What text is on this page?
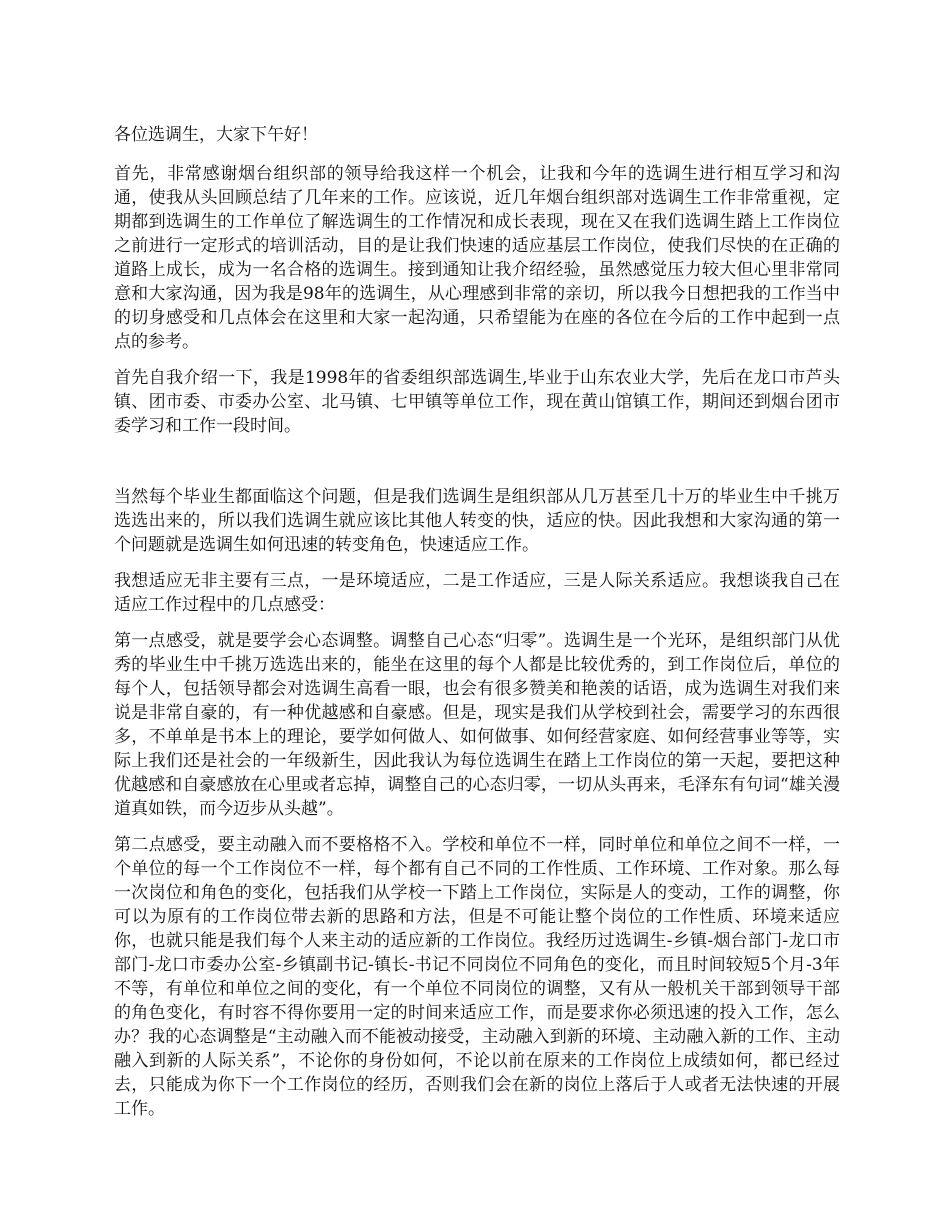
各位选调生，大家下午好！

首先，非常感谢烟台组织部的领导给我这样一个机会，让我和今年的选调生进行相互学习和沟通，使我从头回顾总结了几年来的工作。应该说，近几年烟台组织部对选调生工作非常重视，定期都到选调生的工作单位了解选调生的工作情况和成长表现，现在又在我们选调生踏上工作岗位之前进行一定形式的培训活动，目的是让我们快速的适应基层工作岗位，使我们尽快的在正确的道路上成长，成为一名合格的选调生。接到通知让我介绍经验，虽然感觉压力较大但心里非常同意和大家沟通，因为我是98年的选调生，从心理感到非常的亲切，所以我今日想把我的工作当中的切身感受和几点体会在这里和大家一起沟通，只希望能为在座的各位在今后的工作中起到一点点的参考。

首先自我介绍一下，我是1998年的省委组织部选调生,毕业于山东农业大学，先后在龙口市芦头镇、团市委、市委办公室、北马镇、七甲镇等单位工作，现在黄山馆镇工作，期间还到烟台团市委学习和工作一段时间。

当然每个毕业生都面临这个问题，但是我们选调生是组织部从几万甚至几十万的毕业生中千挑万选选出来的，所以我们选调生就应该比其他人转变的快，适应的快。因此我想和大家沟通的第一个问题就是选调生如何迅速的转变角色，快速适应工作。

我想适应无非主要有三点，一是环境适应，二是工作适应，三是人际关系适应。我想谈我自己在适应工作过程中的几点感受：

第一点感受，就是要学会心态调整。调整自己心态“归零”。选调生是一个光环，是组织部门从优秀的毕业生中千挑万选选出来的，能坐在这里的每个人都是比较优秀的，到工作岗位后，单位的每个人，包括领导都会对选调生高看一眼，也会有很多赞美和艳羡的话语，成为选调生对我们来说是非常自豪的，有一种优越感和自豪感。但是，现实是我们从学校到社会，需要学习的东西很多，不单单是书本上的理论，要学如何做人、如何做事、如何经营家庭、如何经营事业等等，实际上我们还是社会的一年级新生，因此我认为每位选调生在踏上工作岗位的第一天起，要把这种优越感和自豪感放在心里或者忘掉，调整自己的心态归零，一切从头再来，毛泽东有句词“雄关漫道真如铁，而今迈步从头越”。

第二点感受，要主动融入而不要格格不入。学校和单位不一样，同时单位和单位之间不一样，一个单位的每一个工作岗位不一样，每个都有自己不同的工作性质、工作环境、工作对象。那么每一次岗位和角色的变化，包括我们从学校一下踏上工作岗位，实际是人的变动，工作的调整，你可以为原有的工作岗位带去新的思路和方法，但是不可能让整个岗位的工作性质、环境来适应你，也就只能是我们每个人来主动的适应新的工作岗位。我经历过选调生-乡镇-烟台部门-龙口市部门-龙口市委办公室-乡镇副书记-镇长-书记不同岗位不同角色的变化，而且时间较短5个月-3年不等，有单位和单位之间的变化，有一个单位不同岗位的调整，又有从一般机关干部到领导干部的角色变化，有时容不得你要用一定的时间来适应工作，而是要求你必须迅速的投入工作，怎么办？我的心态调整是“主动融入而不能被动接受，主动融入到新的环境、主动融入新的工作、主动融入到新的人际关系”，不论你的身份如何，不论以前在原来的工作岗位上成绩如何，都已经过去，只能成为你下一个工作岗位的经历，否则我们会在新的岗位上落后于人或者无法快速的开展工作。
